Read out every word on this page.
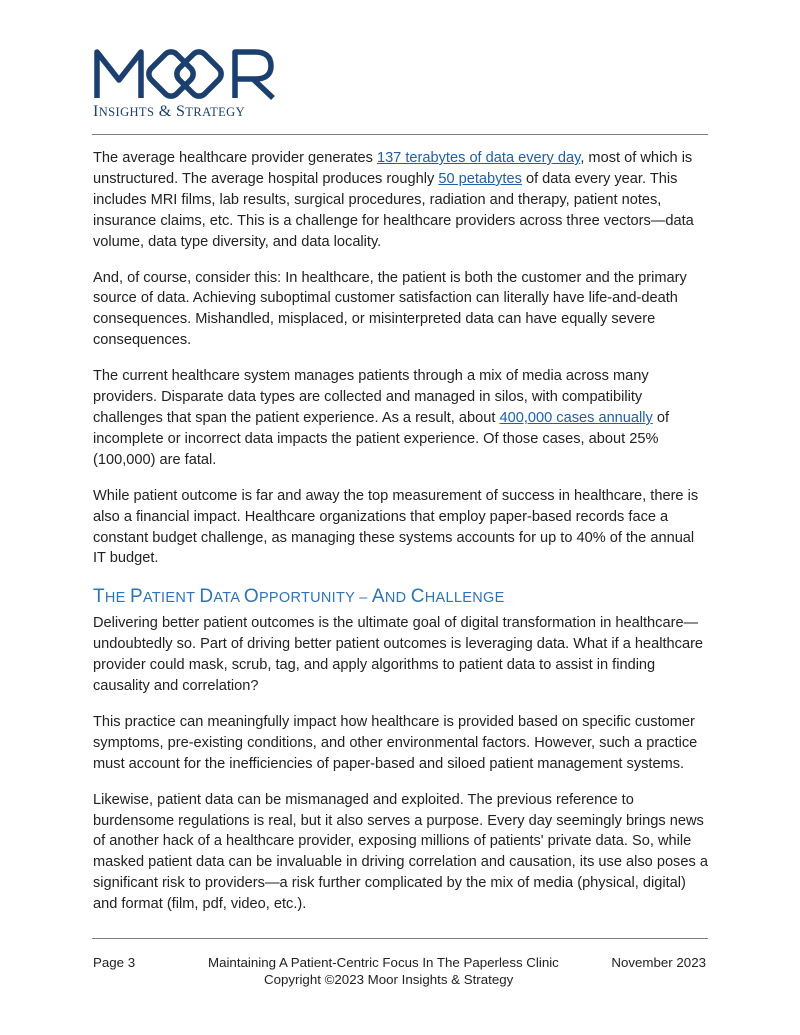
INSIGHTS & STRATEGY

The average healthcare provider generates 137 terabytes of data every day, most of which is unstructured. The average hospital produces roughly 50 petabytes of data every year. This includes MRI films, lab results, surgical procedures, radiation and therapy, patient notes, insurance claims, etc. This is a challenge for healthcare providers across three vectors—data volume, data type diversity, and data locality.

And, of course, consider this: In healthcare, the patient is both the customer and the primary source of data. Achieving suboptimal customer satisfaction can literally have life-and-death consequences. Mishandled, misplaced, or misinterpreted data can have equally severe consequences.

The current healthcare system manages patients through a mix of media across many providers. Disparate data types are collected and managed in silos, with compatibility challenges that span the patient experience. As a result, about 400,000 cases annually of incomplete or incorrect data impacts the patient experience. Of those cases, about 25% (100,000) are fatal.

While patient outcome is far and away the top measurement of success in healthcare, there is also a financial impact. Healthcare organizations that employ paper-based records face a constant budget challenge, as managing these systems accounts for up to 40% of the annual IT budget.

THE PATIENT DATA OPPORTUNITY – AND CHALLENGE

Delivering better patient outcomes is the ultimate goal of digital transformation in healthcare—undoubtedly so. Part of driving better patient outcomes is leveraging data. What if a healthcare provider could mask, scrub, tag, and apply algorithms to patient data to assist in finding causality and correlation?

This practice can meaningfully impact how healthcare is provided based on specific customer symptoms, pre-existing conditions, and other environmental factors. However, such a practice must account for the inefficiencies of paper-based and siloed patient management systems.

Likewise, patient data can be mismanaged and exploited. The previous reference to burdensome regulations is real, but it also serves a purpose. Every day seemingly brings news of another hack of a healthcare provider, exposing millions of patients' private data. So, while masked patient data can be invaluable in driving correlation and causation, its use also poses a significant risk to providers—a risk further complicated by the mix of media (physical, digital) and format (film, pdf, video, etc.).

Page 3	Maintaining A Patient-Centric Focus In The Paperless Clinic	November 2023
Copyright ©2023 Moor Insights & Strategy
